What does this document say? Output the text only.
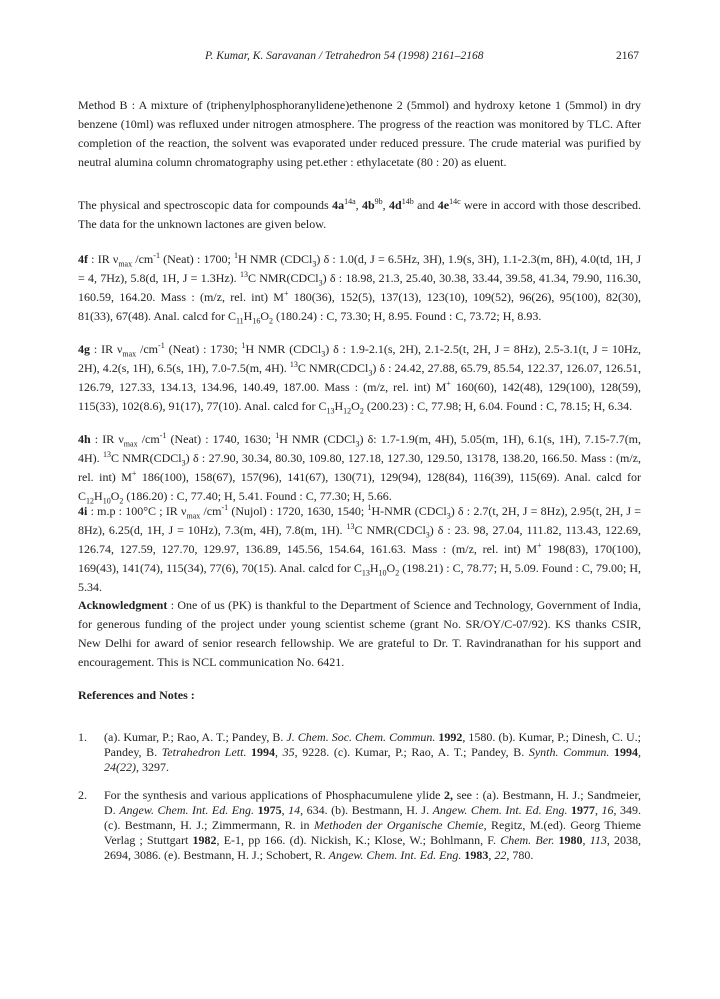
P. Kumar, K. Saravanan / Tetrahedron 54 (1998) 2161–2168	2167

Method B : A mixture of (triphenylphosphoranylidene)ethenone 2 (5mmol) and hydroxy ketone 1 (5mmol) in dry benzene (10ml) was refluxed under nitrogen atmosphere. The progress of the reaction was monitored by TLC. After completion of the reaction, the solvent was evaporated under reduced pressure. The crude material was purified by neutral alumina column chromatography using pet.ether : ethylacetate (80 : 20) as eluent.

The physical and spectroscopic data for compounds $4a^{14a}$, $4b^{9b}$, $4d^{14b}$ and $4e^{14c}$ were in accord with those described. The data for the unknown lactones are given below.

4f : IR $\nu_{max}$ $/cm^{-1}$ (Neat) : 1700; $^1$H NMR (CDCl$_3$) δ : 1.0(d, J = 6.5Hz, 3H), 1.9(s, 3H), 1.1-2.3(m, 8H), 4.0(td, 1H, J = 4, 7Hz), 5.8(d, 1H, J = 1.3Hz). $^{13}$C NMR(CDCl$_3$) δ : 18.98, 21.3, 25.40, 30.38, 33.44, 39.58, 41.34, 79.90, 116.30, 160.59, 164.20. Mass : (m/z, rel. int) M+ 180(36), 152(5), 137(13), 123(10), 109(52), 96(26), 95(100), 82(30), 81(33), 67(48). Anal. calcd for $C_{11}H_{16}O_2$ (180.24) : C, 73.30; H, 8.95. Found : C, 73.72; H, 8.93.

4g : IR $\nu_{max}$ $/cm^{-1}$ (Neat) : 1730; $^1$H NMR (CDCl$_3$) δ : 1.9-2.1(s, 2H), 2.1-2.5(t, 2H, J = 8Hz), 2.5-3.1(t, J = 10Hz, 2H), 4.2(s, 1H), 6.5(s, 1H), 7.0-7.5(m, 4H). $^{13}$C NMR(CDCl$_3$) δ : 24.42, 27.88, 65.79, 85.54, 122.37, 126.07, 126.51, 126.79, 127.33, 134.13, 134.96, 140.49, 187.00. Mass : (m/z, rel. int) M+ 160(60), 142(48), 129(100), 128(59), 115(33), 102(8.6), 91(17), 77(10). Anal. calcd for $C_{13}H_{12}O_2$ (200.23) : C, 77.98; H, 6.04. Found : C, 78.15; H, 6.34.

4h : IR $\nu_{max}$ $/cm^{-1}$ (Neat) : 1740, 1630; $^1$H NMR (CDCl$_3$) δ: 1.7-1.9(m, 4H), 5.05(m, 1H), 6.1(s, 1H), 7.15-7.7(m, 4H). $^{13}$C NMR(CDCl$_3$) δ : 27.90, 30.34, 80.30, 109.80, 127.18, 127.30, 129.50, 13178, 138.20, 166.50. Mass : (m/z, rel. int) M+ 186(100), 158(67), 157(96), 141(67), 130(71), 129(94), 128(84), 116(39), 115(69). Anal. calcd for $C_{12}H_{10}O_2$ (186.20) : C, 77.40; H, 5.41. Found : C, 77.30; H, 5.66.

4i : m.p : 100°C ; IR $\nu_{max}$ $/cm^{-1}$ (Nujol) : 1720, 1630, 1540; $^1$H-NMR (CDCl$_3$) δ : 2.7(t, 2H, J = 8Hz), 2.95(t, 2H, J = 8Hz), 6.25(d, 1H, J = 10Hz), 7.3(m, 4H), 7.8(m, 1H). $^{13}$C NMR(CDCl$_3$) δ : 23. 98, 27.04, 111.82, 113.43, 122.69, 126.74, 127.59, 127.70, 129.97, 136.89, 145.56, 154.64, 161.63. Mass : (m/z, rel. int) M+ 198(83), 170(100), 169(43), 141(74), 115(34), 77(6), 70(15). Anal. calcd for $C_{13}H_{10}O_2$ (198.21) : C, 78.77; H, 5.09. Found : C, 79.00; H, 5.34.

Acknowledgment : One of us (PK) is thankful to the Department of Science and Technology, Government of India, for generous funding of the project under young scientist scheme (grant No. SR/OY/C-07/92). KS thanks CSIR, New Delhi for award of senior research fellowship. We are grateful to Dr. T. Ravindranathan for his support and encouragement. This is NCL communication No. 6421.

References and Notes :

1.	(a). Kumar, P.; Rao, A. T.; Pandey, B. J. Chem. Soc. Chem. Commun. 1992, 1580. (b). Kumar, P.; Dinesh, C. U.; Pandey, B. Tetrahedron Lett. 1994, 35, 9228. (c). Kumar, P.; Rao, A. T.; Pandey, B. Synth. Commun. 1994, 24(22), 3297.
2.	For the synthesis and various applications of Phosphacumulene ylide 2, see : (a). Bestmann, H. J.; Sandmeier, D. Angew. Chem. Int. Ed. Eng. 1975, 14, 634. (b). Bestmann, H. J. Angew. Chem. Int. Ed. Eng. 1977, 16, 349. (c). Bestmann, H. J.; Zimmermann, R. in Methoden der Organische Chemie, Regitz, M.(ed). Georg Thieme Verlag ; Stuttgart 1982, E-1, pp 166. (d). Nickish, K.; Klose, W.; Bohlmann, F. Chem. Ber. 1980, 113, 2038, 2694, 3086. (e). Bestmann, H. J.; Schobert, R. Angew. Chem. Int. Ed. Eng. 1983, 22, 780.
